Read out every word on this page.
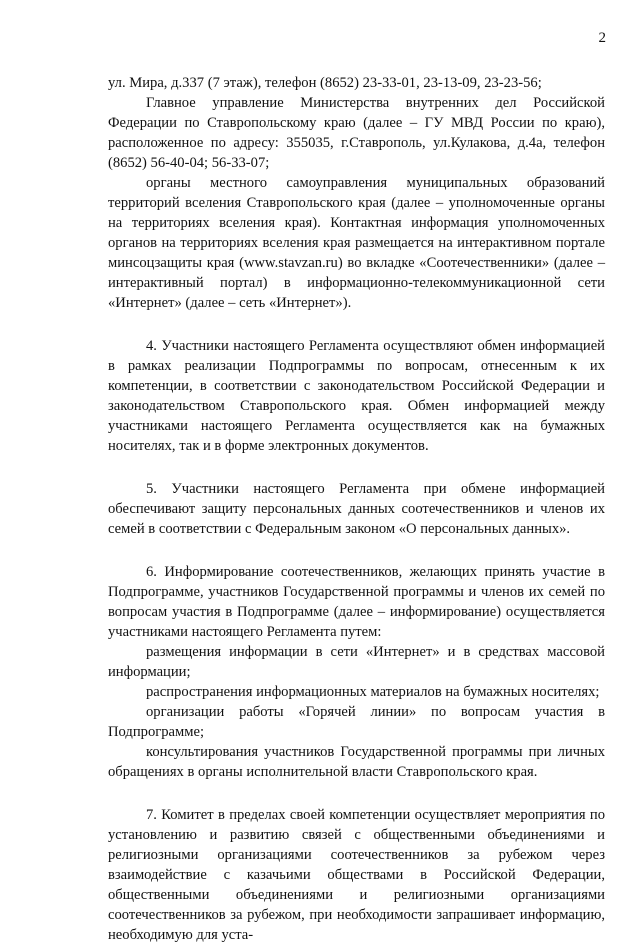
2

ул. Мира, д.337 (7 этаж), телефон (8652) 23-33-01, 23-13-09, 23-23-56;

Главное управление Министерства внутренних дел Российской Федерации по Ставропольскому краю (далее – ГУ МВД России по краю), расположенное по адресу: 355035, г.Ставрополь, ул.Кулакова, д.4а, телефон (8652) 56-40-04; 56-33-07;

органы местного самоуправления муниципальных образований территорий вселения Ставропольского края (далее – уполномоченные органы на территориях вселения края). Контактная информация уполномоченных органов на территориях вселения края размещается на интерактивном портале минсоцзащиты края (www.stavzan.ru) во вкладке «Соотечественники» (далее – интерактивный портал) в информационно-телекоммуникационной сети «Интернет» (далее – сеть «Интернет»).

4. Участники настоящего Регламента осуществляют обмен информацией в рамках реализации Подпрограммы по вопросам, отнесенным к их компетенции, в соответствии с законодательством Российской Федерации и законодательством Ставропольского края. Обмен информацией между участниками настоящего Регламента осуществляется как на бумажных носителях, так и в форме электронных документов.

5. Участники настоящего Регламента при обмене информацией обеспечивают защиту персональных данных соотечественников и членов их семей в соответствии с Федеральным законом «О персональных данных».

6. Информирование соотечественников, желающих принять участие в Подпрограмме, участников Государственной программы и членов их семей по вопросам участия в Подпрограмме (далее – информирование) осуществляется участниками настоящего Регламента путем:

размещения информации в сети «Интернет» и в средствах массовой информации;

распространения информационных материалов на бумажных носителях;

организации работы «Горячей линии» по вопросам участия в Подпрограмме;

консультирования участников Государственной программы при личных обращениях в органы исполнительной власти Ставропольского края.

7. Комитет в пределах своей компетенции осуществляет мероприятия по установлению и развитию связей с общественными объединениями и религиозными организациями соотечественников за рубежом через взаимодействие с казачьими обществами в Российской Федерации, общественными объединениями и религиозными организациями соотечественников за рубежом, при необходимости запрашивает информацию, необходимую для уста-
